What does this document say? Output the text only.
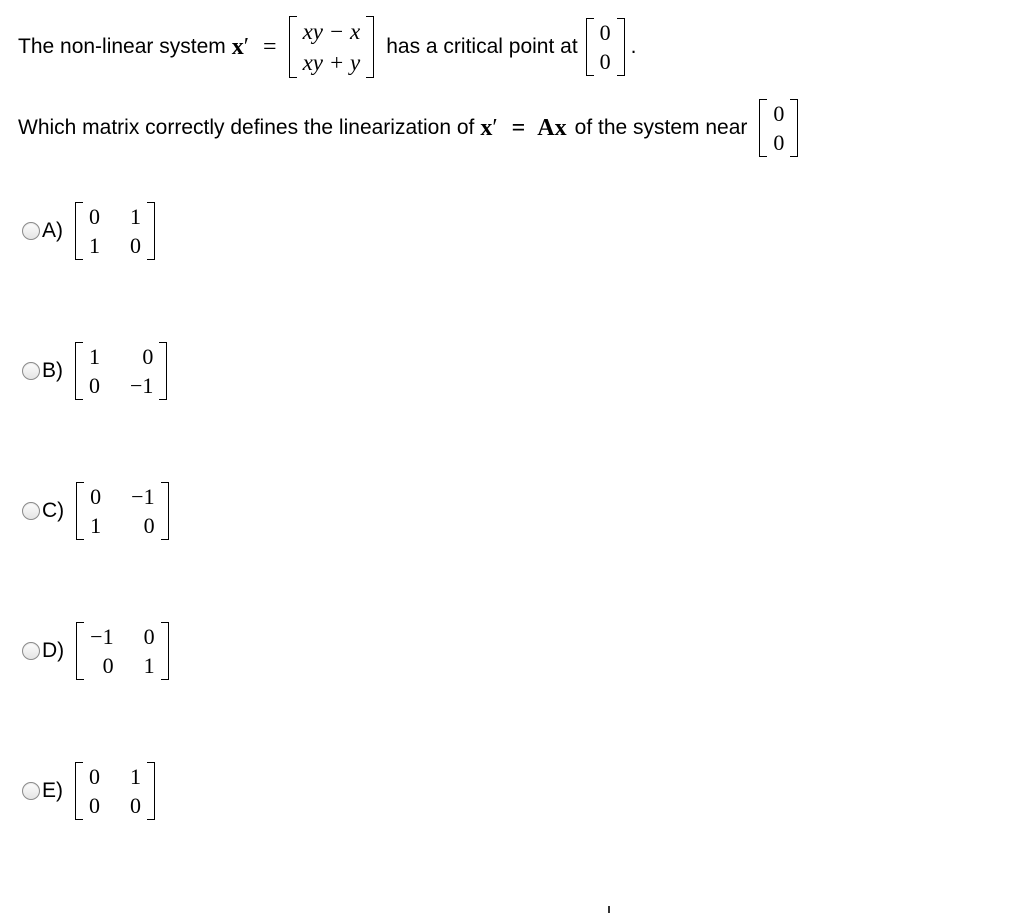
The non-linear system x ′ =
xy − x
xy + y
has a critical point at
0
0
.
Which matrix correctly defines the linearization of x ′ = Ax of the system near
0
0
A)
0 1
1 0
B)
1	0
0 −1
C)
0 −1
1	0
D)
−1 0
0 1
E)
0 1
0 0
